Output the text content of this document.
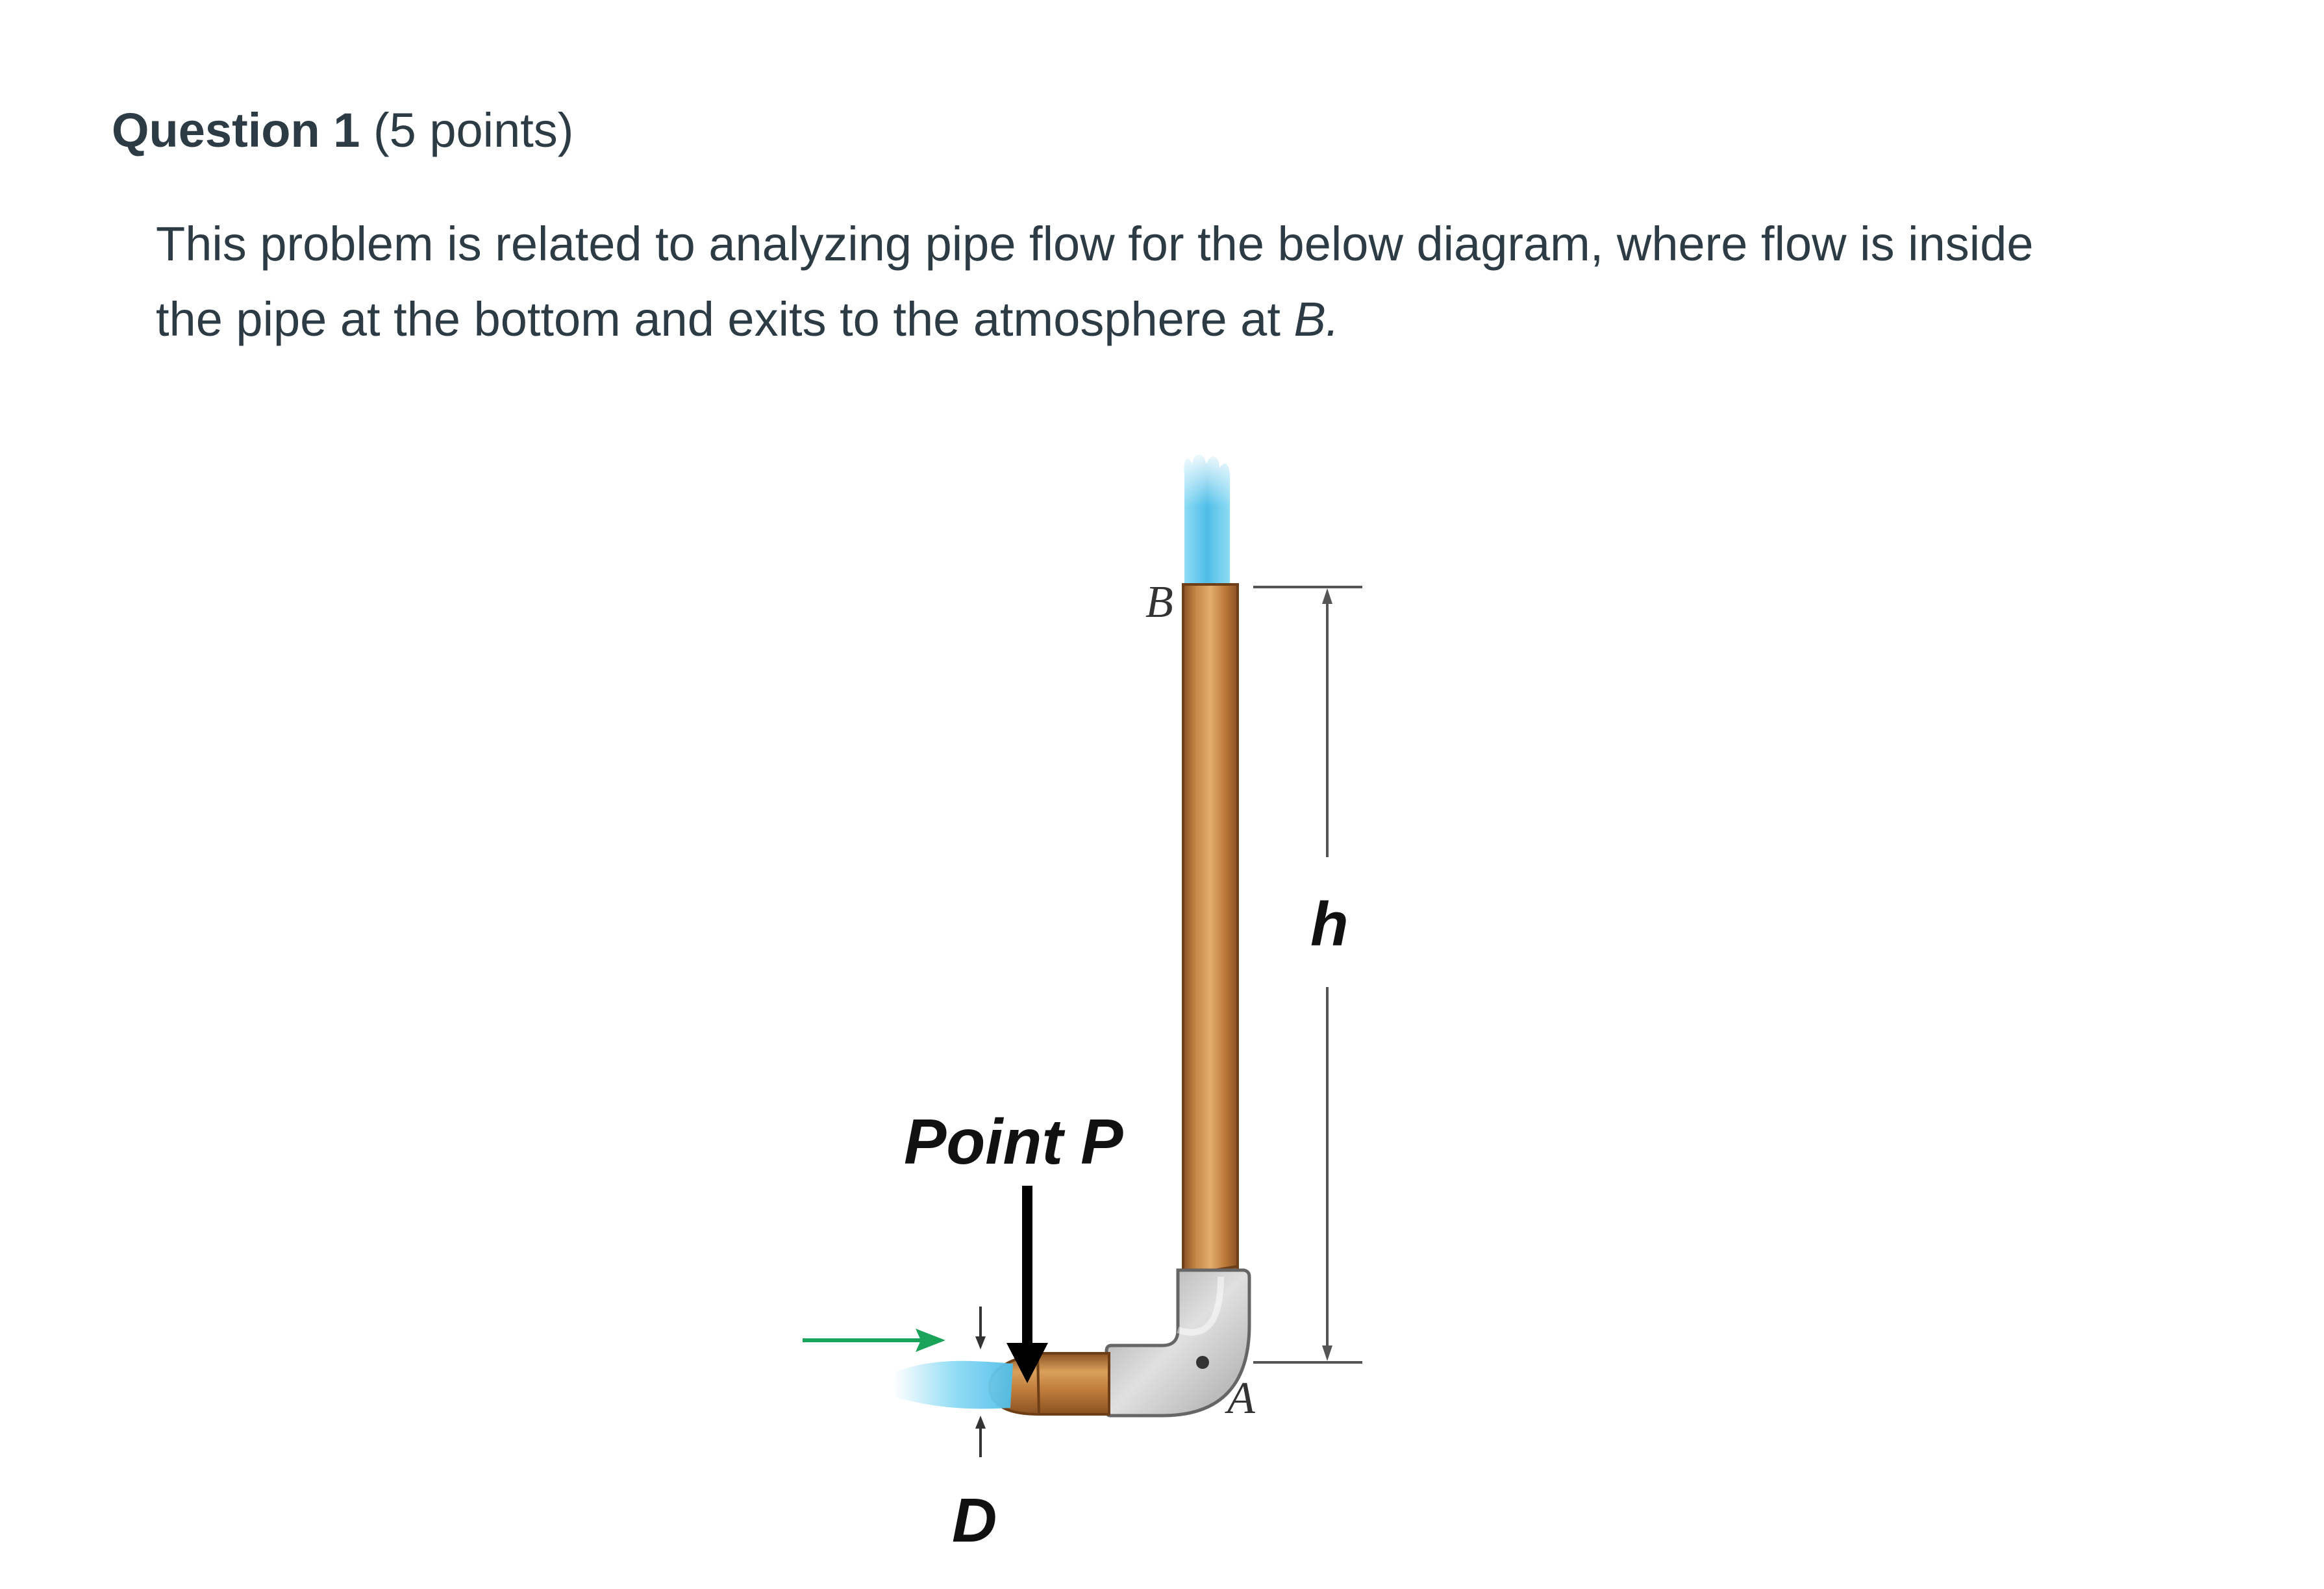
Question 1 (5 points)
This problem is related to analyzing pipe flow for the below diagram, where flow is inside the pipe at the bottom and exits to the atmosphere at B.
B
h
Point P
A
D
